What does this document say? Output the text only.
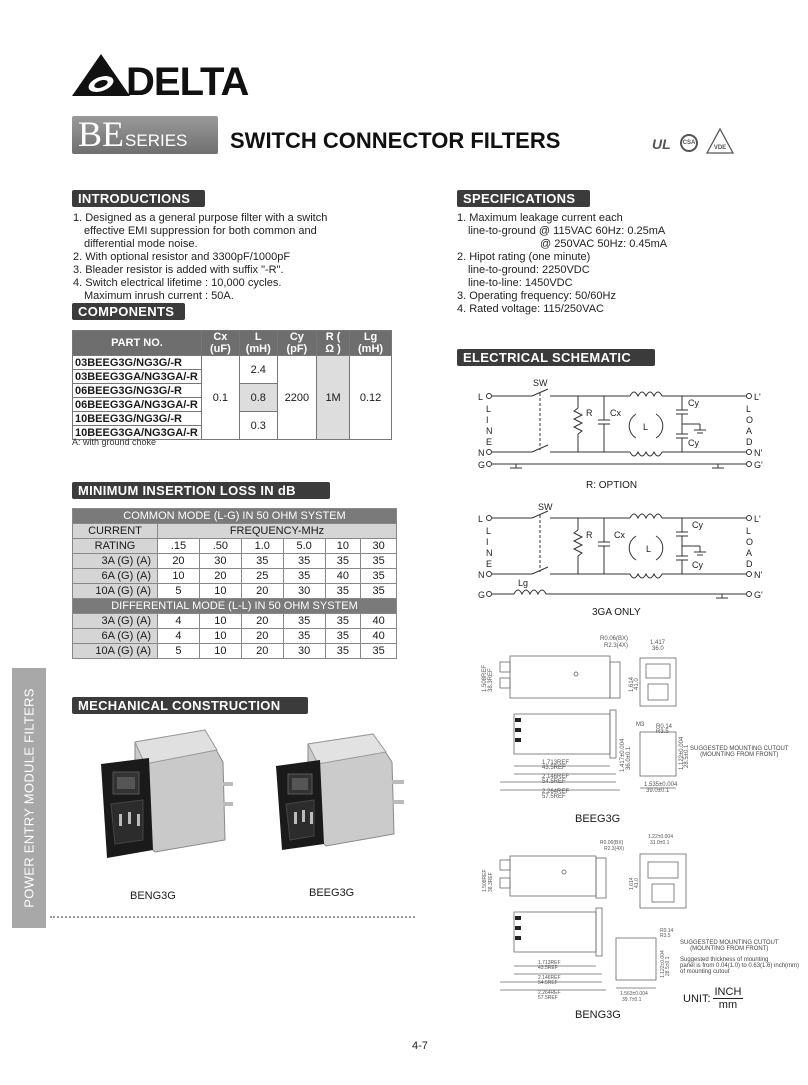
DELTA
BE SERIES SWITCH CONNECTOR FILTERS	UL	CSA
VDE
INTRODUCTIONS
1. Designed as a general purpose filter with a switch
effective EMI suppression for both common and
differential mode noise.
2. With optional resistor and 3300pF/1000pF
3. Bleader resistor is added with suffix "-R".
4. Switch electrical lifetime : 10,000 cycles.
Maximum inrush current : 50A.
SPECIFICATIONS
1. Maximum leakage current each
line-to-ground @ 115VAC 60Hz: 0.25mA
@ 250VAC 50Hz: 0.45mA
2. Hipot rating (one minute)
line-to-ground: 2250VDC
line-to-line: 1450VDC
3. Operating frequency: 50/60Hz
4. Rated voltage: 115/250VAC
COMPONENTS
PART NO.	Cx (uF)	L (mH)	Cy (pF)	R ( Ω )	Lg (mH)
03BEEG3G/NG3G/-R	0.1	2.4	2200	1M	0.12
03BEEG3GA/NG3GA/-R					
06BEEG3G/NG3G/-R		0.8			
06BEEG3GA/NG3GA/-R					
10BEEG3G/NG3G/-R		0.3			
10BEEG3GA/NG3GA/-R					
A: with ground choke
MINIMUM INSERTION LOSS IN dB
COMMON MODE (L-G) IN 50 OHM SYSTEM						
CURRENT	FREQUENCY-MHz					
RATING	.15	.50	1.0	5.0	10	30
3A (G) (A)	20	30	35	35	35	35
6A (G) (A)	10	20	25	35	40	35
10A (G) (A)	5	10	20	30	35	35
DIFFERENTIAL MODE (L-L) IN 50 OHM SYSTEM						
3A (G) (A)	4	10	20	35	35	40
6A (G) (A)	4	10	20	35	35	40
10A (G) (A)	5	10	20	30	35	35
POWER ENTRY MODULE FILTERS	MECHANICAL CONSTRUCTION
BENG3G	BEEG3G
ELECTRICAL SCHEMATIC
L
N
G
L
I
N
E
L
O
A
D
L'
N'
G'
SW
R Cx
L
Cy
Cy
R: OPTION
L
N
G
L
I
N
E
L
O
A
D
L'
N'
G'
SW
R Cx
L
Cy
Cy
Lg
3GA ONLY
R0.06(BX)
R2.3(4X)	1.417
36.0
1.508REF 38.3REF	1.614 41.0
M3 R0.14
R3.5
1.417±0.004 36.0±0.1	1.122±0.004 28.5±0.1
1.713REF
43.5REF
2.146REF
54.5REF
2.264REF
57.5REF
1.535±0.004
39.0±0.1
SUGGESTED MOUNTING CUTOUT
(MOUNTING FROM FRONT)
BEEG3G
R0.06(BX)
R2.3(4X)
1.22±0.004
31.0±0.1
1.508REF 38.3REF	1.614 41.0
R0.14
R3.5
1.122±0.004 28.5±0.1
1.713REF
43.5REF
2.146REF
54.5REF
2.264REF
57.5REF
1.563±0.004
39.7±0.1
SUGGESTED MOUNTING CUTOUT
(MOUNTING FROM FRONT)
Suggested thickness of mounting
panel is from 0.04(1.0) to 0.63(1.6) inch(mm)
of mounting cutout
UNIT:
INCH
mm
BENG3G
4-7
